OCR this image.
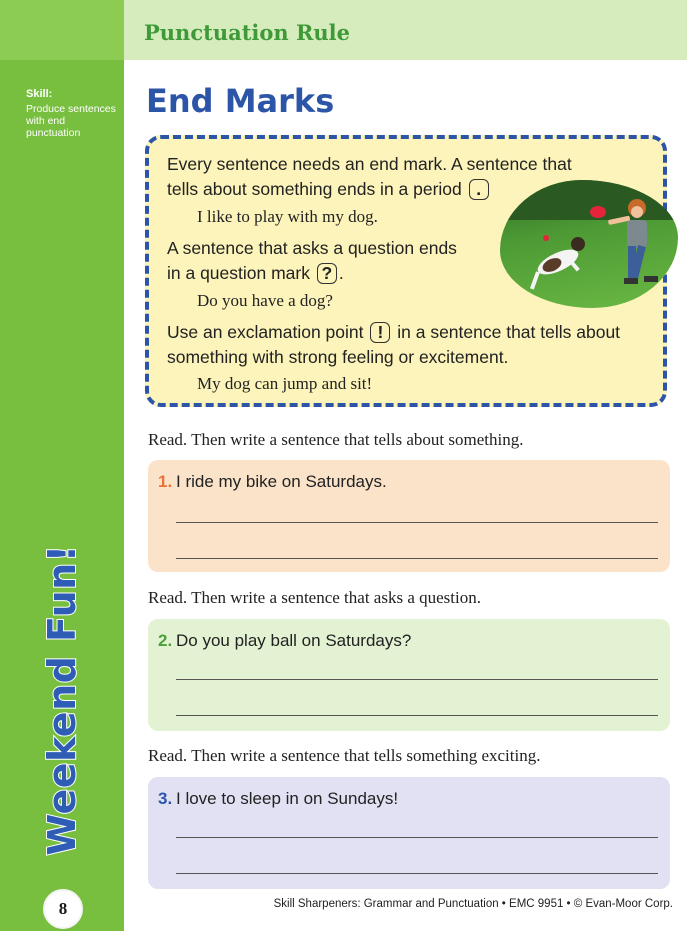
Skill:
Produce sentences with end punctuation
Weekend Fun!
8
Punctuation Rule
End Marks
Every sentence needs an end mark. A sentence that tells about something ends in a period .
I like to play with my dog.
A sentence that asks a question ends in a question mark ? .
Do you have a dog?
Use an exclamation point ! in a sentence that tells about something with strong feeling or excitement.
My dog can jump and sit!
Read. Then write a sentence that tells about something.
1. I ride my bike on Saturdays.
Read. Then write a sentence that asks a question.
2. Do you play ball on Saturdays?
Read. Then write a sentence that tells something exciting.
3. I love to sleep in on Sundays!
Skill Sharpeners: Grammar and Punctuation • EMC 9951 • © Evan-Moor Corp.
